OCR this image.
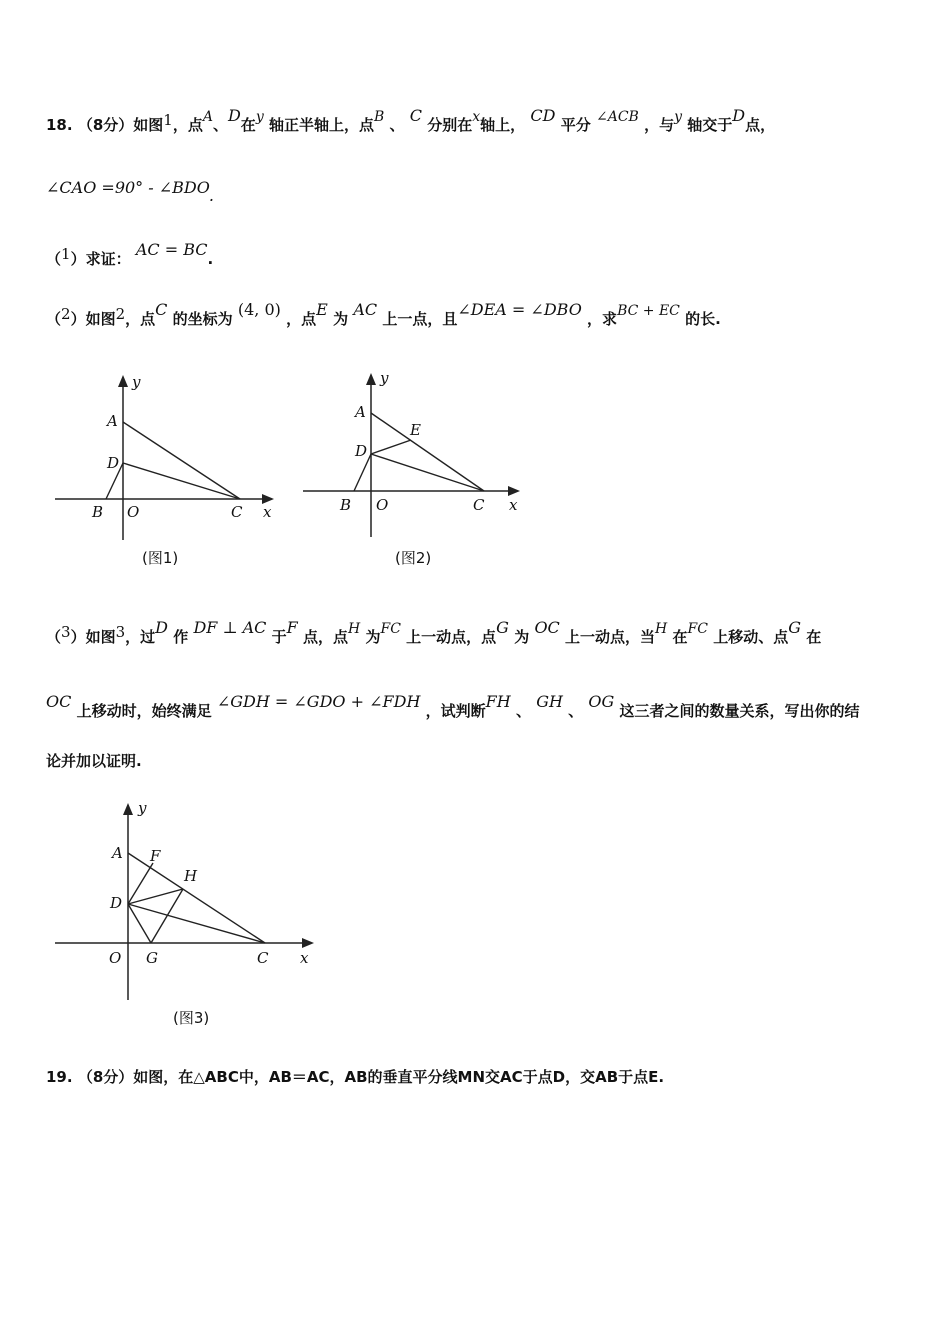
18. （8分）如图1，点A、D在y 轴正半轴上，点B 、 C 分别在x轴上， CD 平分 ∠ACB ，与y 轴交于D点，
∠CAO =90° - ∠BDO.
（1）求证： AC = BC.
（2）如图2，点C 的坐标为 (4, 0) ，点E 为 AC 上一点，且∠DEA = ∠DBO ，求BC + EC 的长.
y
A
D
B O	C x
(图1)
y
A
E
D
B O	C x
(图2)
（3）如图3，过D 作 DF ⊥ AC 于F 点，点H 为FC 上一动点，点G 为 OC 上一动点，当H 在FC 上移动、点G 在
OC 上移动时，始终满足 ∠GDH = ∠GDO + ∠FDH ，试判断FH 、 GH 、 OG 这三者之间的数量关系，写出你的结
论并加以证明.
y
A F
H
D
O G	C x
(图3)
19. （8分）如图，在△ABC中，AB＝AC，AB的垂直平分线MN交AC于点D，交AB于点E.
